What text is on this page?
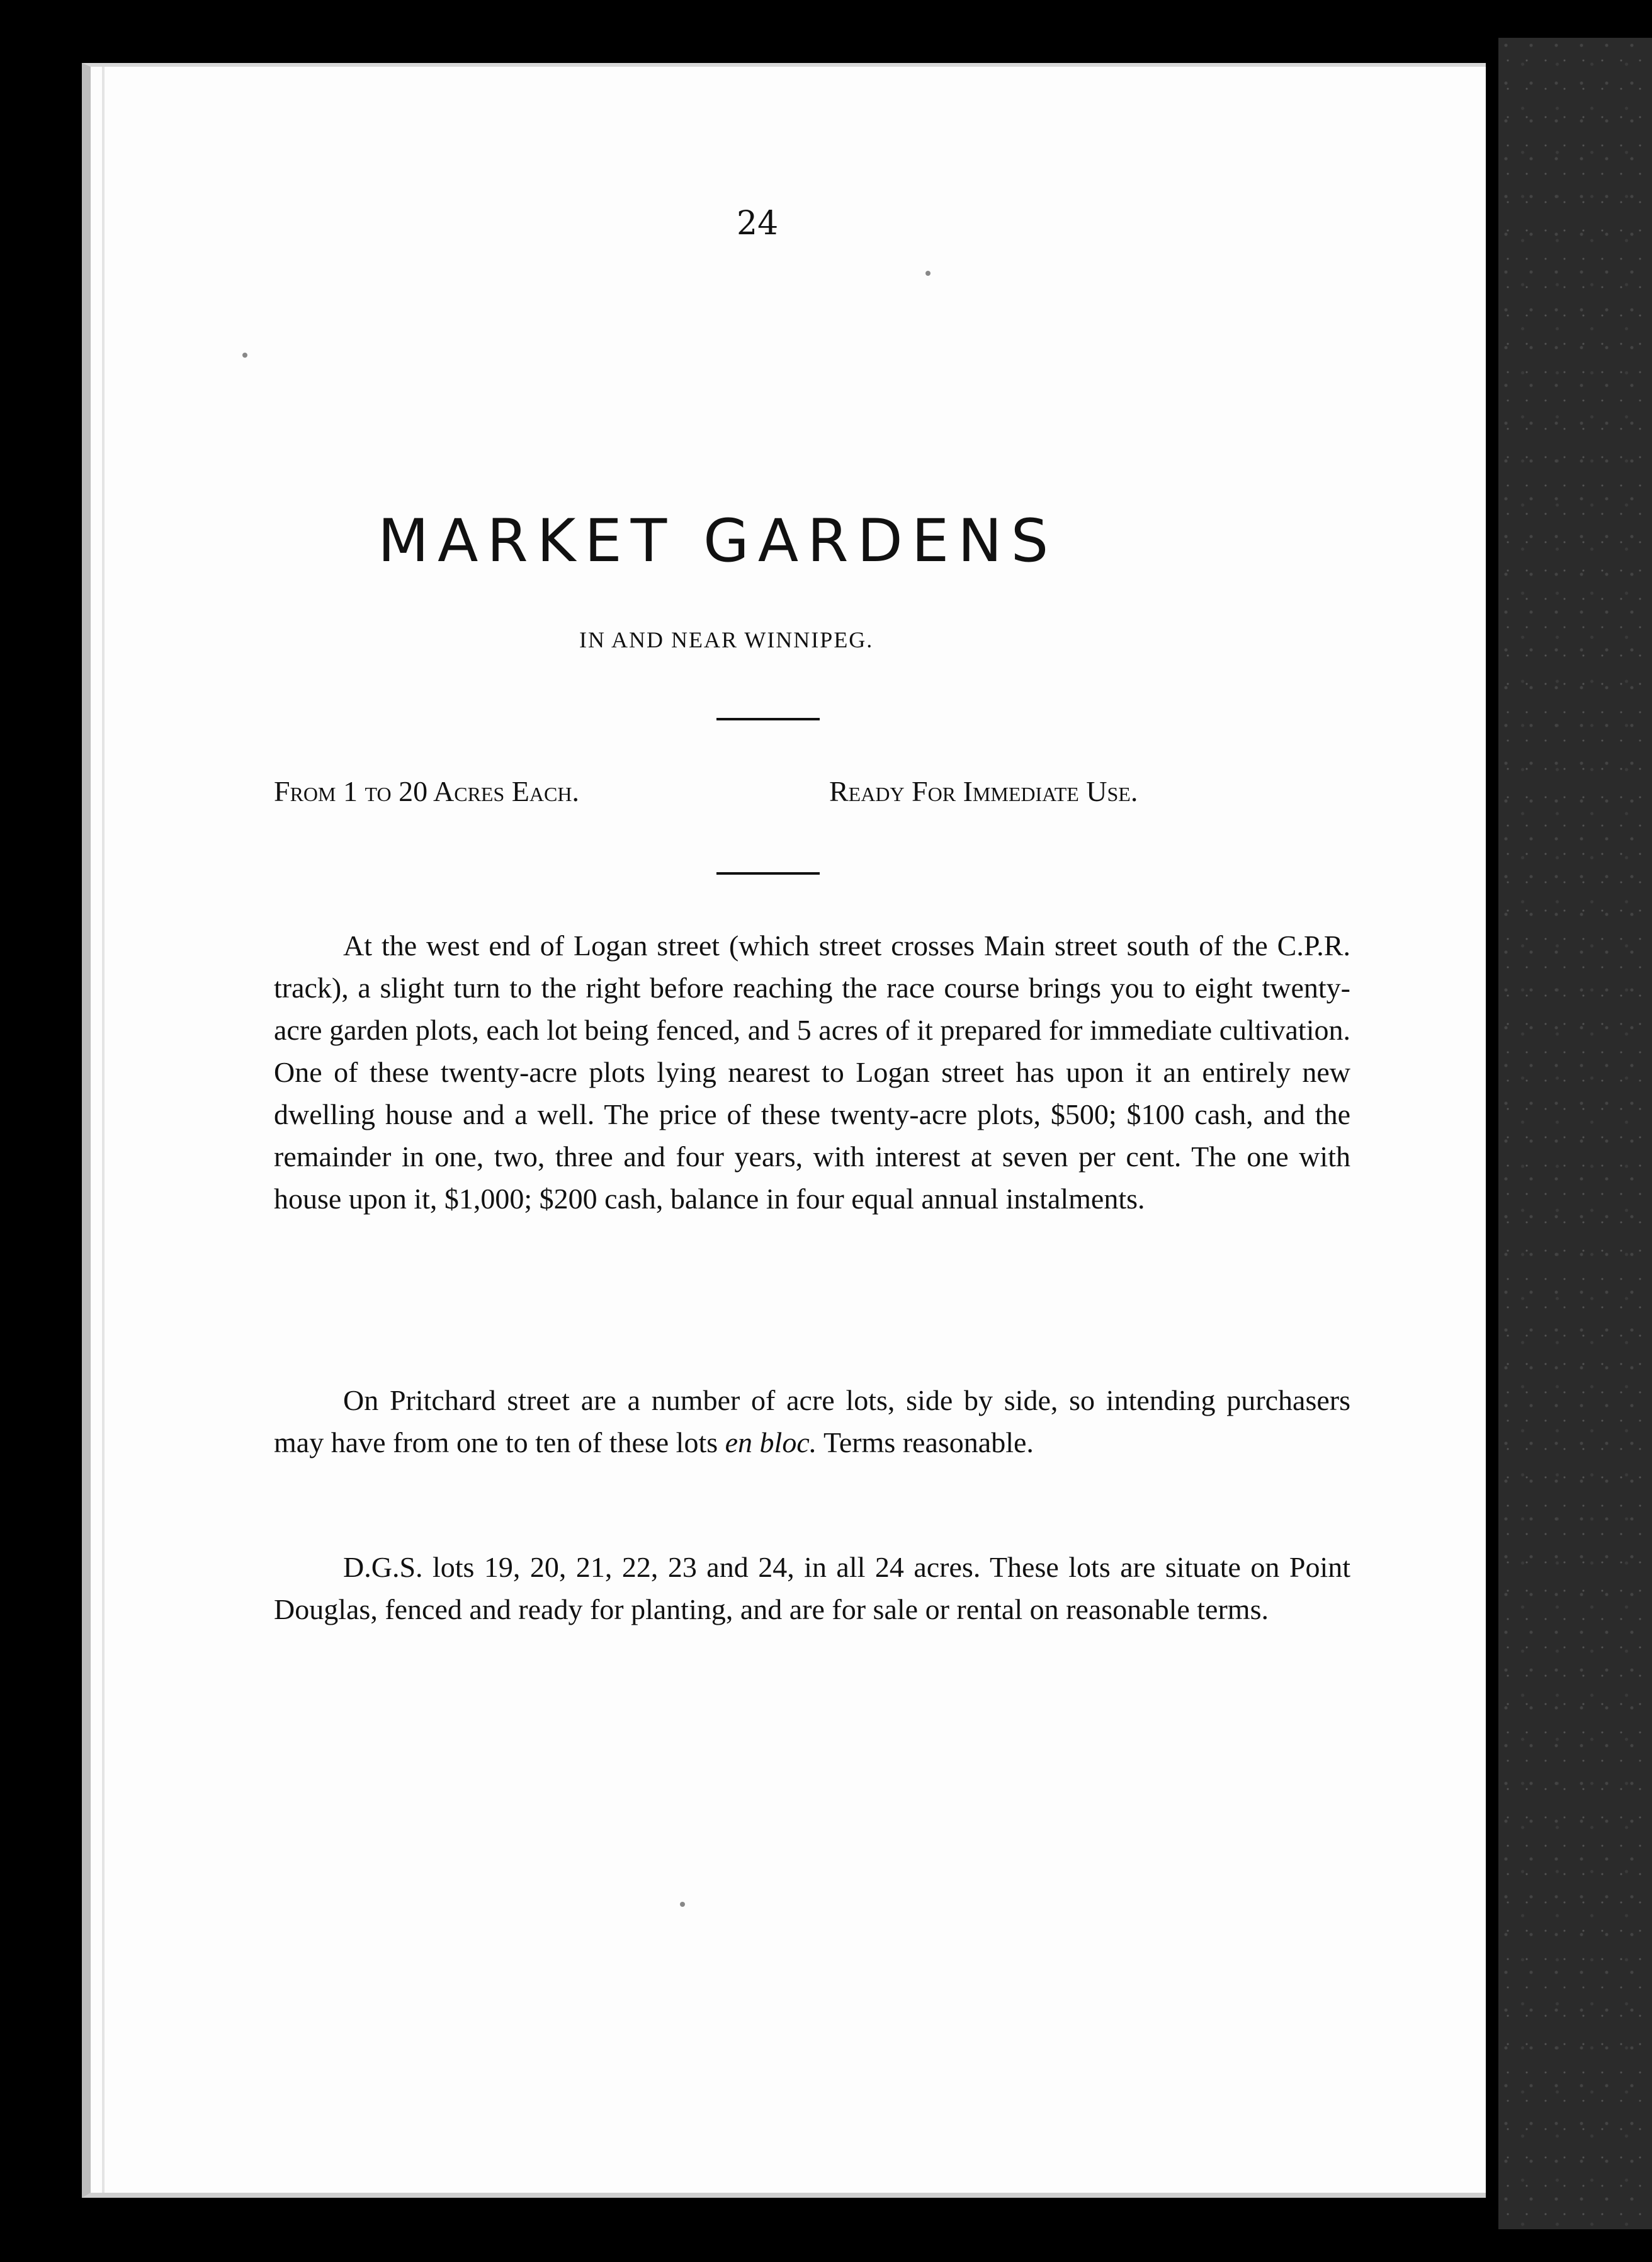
24
MARKET GARDENS
IN AND NEAR WINNIPEG.
From 1 to 20 Acres Each.	Ready For Immediate Use.

At the west end of Logan street (which street crosses Main street south of the C.P.R. track), a slight turn to the right before reaching the race course brings you to eight twenty-acre garden plots, each lot being fenced, and 5 acres of it prepared for immediate cultivation. One of these twenty-acre plots lying nearest to Logan street has upon it an entirely new dwelling house and a well. The price of these twenty-acre plots, $500; $100 cash, and the remainder in one, two, three and four years, with interest at seven per cent. The one with house upon it, $1,000; $200 cash, balance in four equal annual instalments.

On Pritchard street are a number of acre lots, side by side, so intending purchasers may have from one to ten of these lots en bloc. Terms reasonable.

D.G.S. lots 19, 20, 21, 22, 23 and 24, in all 24 acres. These lots are situate on Point Douglas, fenced and ready for planting, and are for sale or rental on reasonable terms.
